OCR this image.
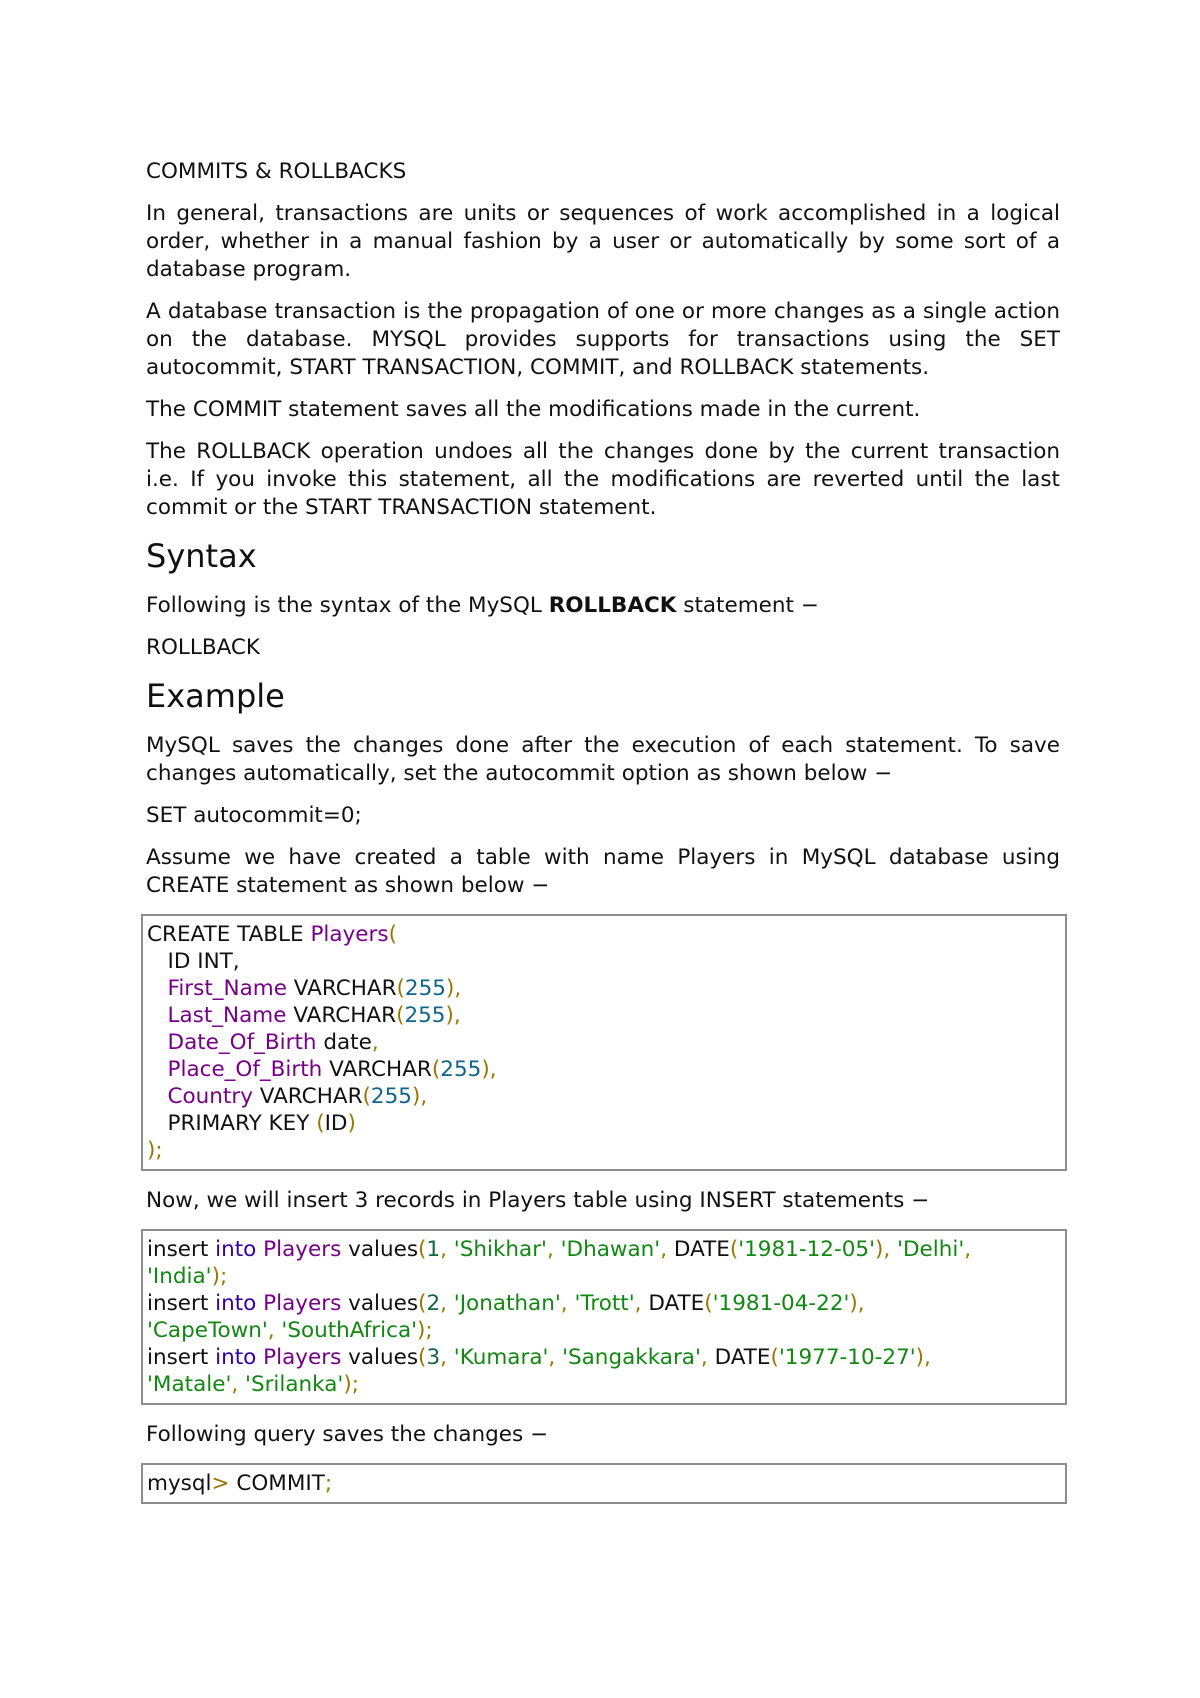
COMMITS & ROLLBACKS

In general, transactions are units or sequences of work accomplished in a logical order, whether in a manual fashion by a user or automatically by some sort of a database program.

A database transaction is the propagation of one or more changes as a single action on the database. MYSQL provides supports for transactions using the SET autocommit, START TRANSACTION, COMMIT, and ROLLBACK statements.

The COMMIT statement saves all the modifications made in the current.

The ROLLBACK operation undoes all the changes done by the current transaction i.e. If you invoke this statement, all the modifications are reverted until the last commit or the START TRANSACTION statement.

Syntax

Following is the syntax of the MySQL ROLLBACK statement −

ROLLBACK

Example

MySQL saves the changes done after the execution of each statement. To save changes automatically, set the autocommit option as shown below −

SET autocommit=0;

Assume we have created a table with name Players in MySQL database using CREATE statement as shown below −

CREATE TABLE Players(
ID INT,
First_Name VARCHAR(255),
Last_Name VARCHAR(255),
Date_Of_Birth date,
Place_Of_Birth VARCHAR(255),
Country VARCHAR(255),
PRIMARY KEY (ID)
);

Now, we will insert 3 records in Players table using INSERT statements −

insert into Players values(1, 'Shikhar', 'Dhawan', DATE('1981-12-05'), 'Delhi',
'India');
insert into Players values(2, 'Jonathan', 'Trott', DATE('1981-04-22'),
'CapeTown', 'SouthAfrica');
insert into Players values(3, 'Kumara', 'Sangakkara', DATE('1977-10-27'),
'Matale', 'Srilanka');

Following query saves the changes −

mysql> COMMIT;
